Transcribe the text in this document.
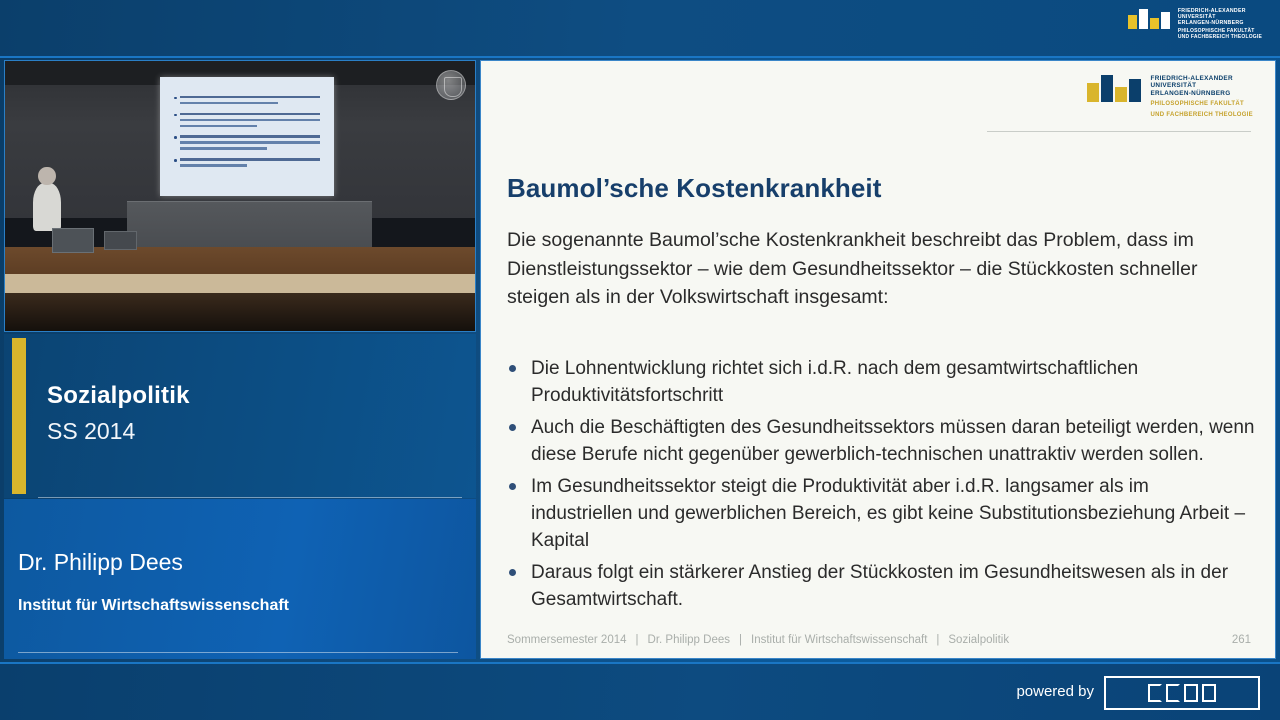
FRIEDRICH-ALEXANDER
UNIVERSITÄT
ERLANGEN-NÜRNBERG
PHILOSOPHISCHE FAKULTÄT
UND FACHBEREICH THEOLOGIE
Sozialpolitik
SS 2014
Dr. Philipp Dees
Institut für Wirtschaftswissenschaft
FRIEDRICH-ALEXANDER
UNIVERSITÄT
ERLANGEN-NÜRNBERG
PHILOSOPHISCHE FAKULTÄT
UND FACHBEREICH THEOLOGIE
Baumol’sche Kostenkrankheit
Die sogenannte Baumol’sche Kostenkrankheit beschreibt das Problem, dass im Dienstleistungssektor – wie dem Gesundheitssektor – die Stückkosten schneller steigen als in der Volkswirtschaft insgesamt:
Die Lohnentwicklung richtet sich i.d.R. nach dem gesamtwirtschaftlichen Produktivitätsfortschritt
Auch die Beschäftigten des Gesundheitssektors müssen daran beteiligt werden, wenn diese Berufe nicht gegenüber gewerblich-technischen unattraktiv werden sollen.
Im Gesundheitssektor steigt die Produktivität aber i.d.R. langsamer als im industriellen und gewerblichen Bereich, es gibt keine Substitutionsbeziehung Arbeit – Kapital
Daraus folgt ein stärkerer Anstieg der Stückkosten im Gesundheitswesen als in der Gesamtwirtschaft.
Sommersemester 2014 | Dr. Philipp Dees | Institut für Wirtschaftswissenschaft | Sozialpolitik	261
powered by
